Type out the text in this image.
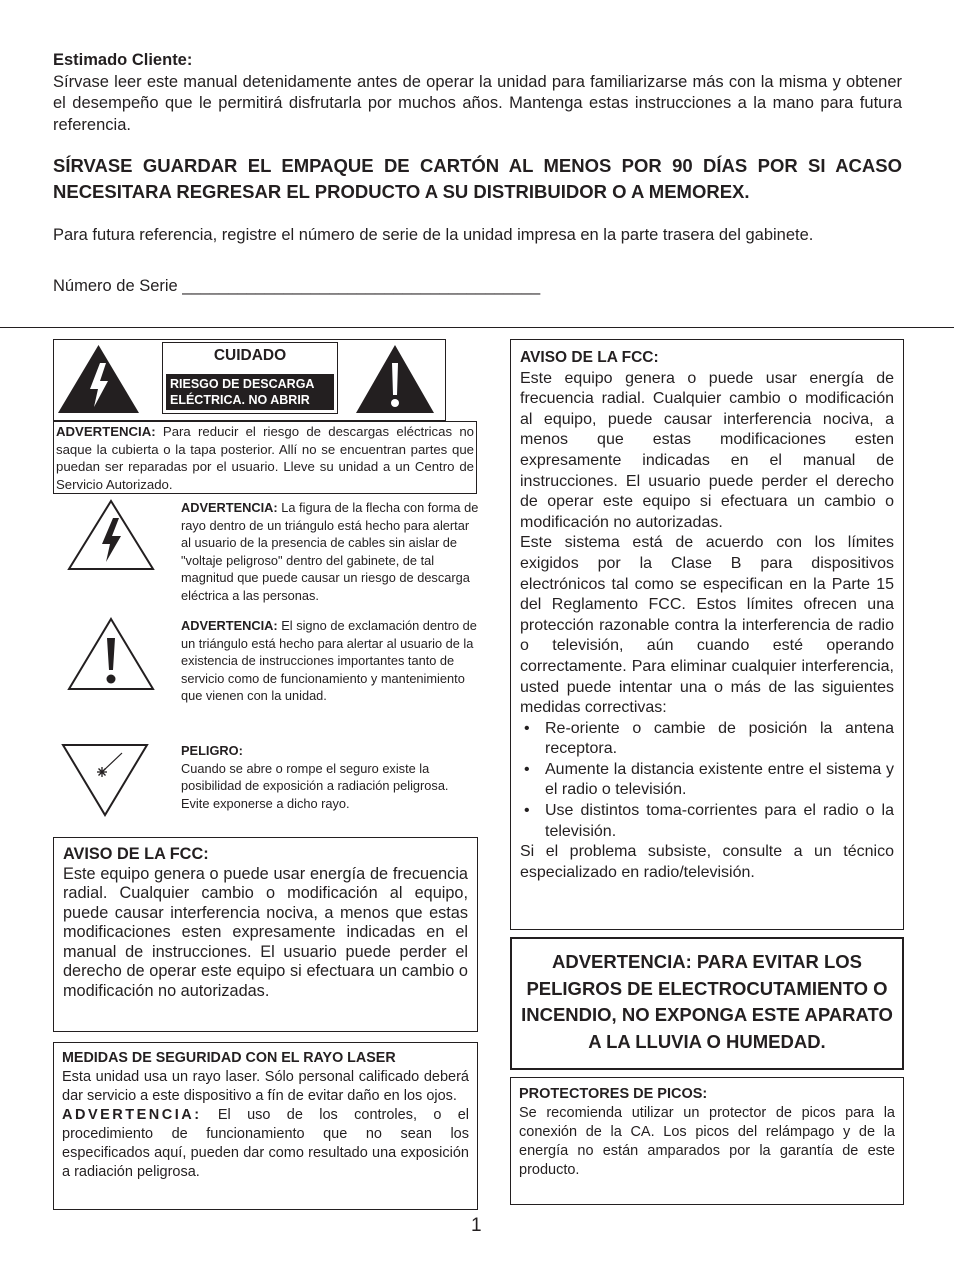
Estimado Cliente:
Sírvase leer este manual detenidamente antes de operar la unidad para familiarizarse más con la misma y obtener el desempeño que le permitirá disfrutarla por muchos años. Mantenga estas instrucciones a la mano para futura referencia.
SÍRVASE GUARDAR EL EMPAQUE DE CARTÓN AL MENOS POR 90 DÍAS POR SI ACASO NECESITARA REGRESAR EL PRODUCTO A SU DISTRIBUIDOR O A MEMOREX.
Para futura referencia, registre el número de serie de la unidad impresa en la parte trasera del gabinete.
Número de Serie _______________________________________
CUIDADO
RIESGO DE DESCARGA
ELÉCTRICA. NO ABRIR
ADVERTENCIA: Para reducir el riesgo de descargas eléctricas no saque la cubierta o la tapa posterior. Allí no se encuentran partes que puedan ser reparadas por el usuario. Lleve su unidad a un Centro de Servicio Autorizado.
ADVERTENCIA: La figura de la flecha con forma de rayo dentro de un triángulo está hecho para alertar al usuario de la presencia de cables sin aislar de "voltaje peligroso" dentro del gabinete, de tal magnitud que puede causar un riesgo de descarga eléctrica a las personas.
ADVERTENCIA: El signo de exclamación dentro de un triángulo está hecho para alertar al usuario de la existencia de instrucciones importantes tanto de servicio como de funcionamiento y mantenimiento que vienen con la unidad.
PELIGRO:
Cuando se abre o rompe el seguro existe la posibilidad de exposición a radiación peligrosa. Evite exponerse a dicho rayo.
AVISO DE LA FCC:
Este equipo genera o puede usar energía de frecuencia radial. Cualquier cambio o modificación al equipo, puede causar interferencia nociva, a menos que estas modificaciones esten expresamente indicadas en el manual de instrucciones. El usuario puede perder el derecho de operar este equipo si efectuara un cambio o modificación no autorizadas.
MEDIDAS DE SEGURIDAD CON EL RAYO LASER
Esta unidad usa un rayo laser. Sólo personal calificado deberá dar servicio a este dispositivo a fín de evitar daño en los ojos.
ADVERTENCIA: El uso de los controles, o el procedimiento de funcionamiento que no sean los especificados aquí, pueden dar como resultado una exposición a radiación peligrosa.
1
AVISO DE LA FCC:
Este equipo genera o puede usar energía de frecuencia radial. Cualquier cambio o modificación al equipo, puede causar interferencia nociva, a menos que estas modificaciones esten expresamente indicadas en el manual de instrucciones. El usuario puede perder el derecho de operar este equipo si efectuara un cambio o modificación no autorizadas.
Este sistema está de acuerdo con los límites exigidos por la Clase B para dispositivos electrónicos tal como se especifican en la Parte 15 del Reglamento FCC. Estos límites ofrecen una protección razonable contra la interferencia de radio o televisión, aún cuando esté operando correctamente. Para eliminar cualquier interferencia, usted puede intentar una o más de las siguientes medidas correctivas:
• Re-oriente o cambie de posición la antena receptora.
• Aumente la distancia existente entre el sistema y el radio o televisión.
• Use distintos toma-corrientes para el radio o la televisión.
Si el problema subsiste, consulte a un técnico especializado en radio/televisión.
ADVERTENCIA: PARA EVITAR LOS PELIGROS DE ELECTROCUTAMIENTO O INCENDIO, NO EXPONGA ESTE APARATO A LA LLUVIA O HUMEDAD.
PROTECTORES DE PICOS:
Se recomienda utilizar un protector de picos para la conexión de la CA. Los picos del relámpago y de la energía no están amparados por la garantía de este producto.
